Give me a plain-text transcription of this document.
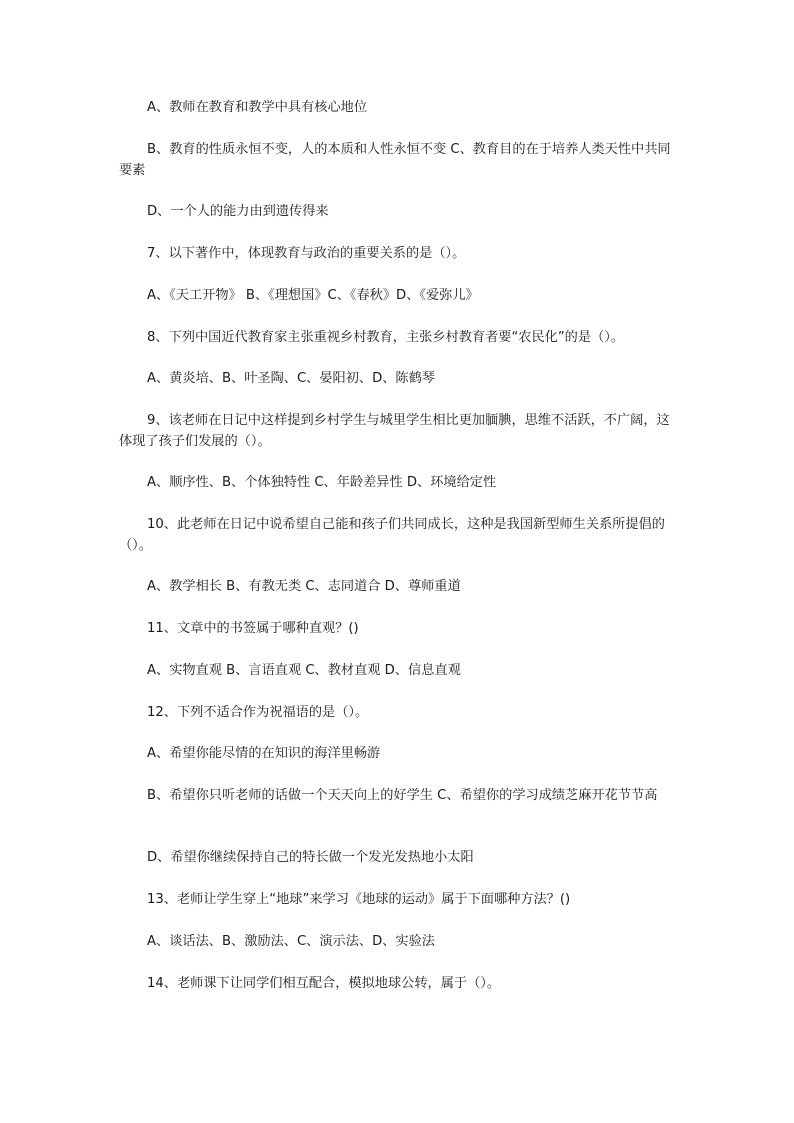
A、教师在教育和教学中具有核心地位

B、教育的性质永恒不变，人的本质和人性永恒不变 C、教育目的在于培养人类天性中共同要素

D、一个人的能力由到遗传得来

7、以下著作中，体现教育与政治的重要关系的是（）。

A、《天工开物》 B、《理想国》C、《春秋》D、《爱弥儿》

8、下列中国近代教育家主张重视乡村教育，主张乡村教育者要“农民化”的是（）。

A、黄炎培、B、叶圣陶、C、晏阳初、D、陈鹤琴

9、该老师在日记中这样提到乡村学生与城里学生相比更加腼腆，思维不活跃，不广阔，这体现了孩子们发展的（）。

A、顺序性、B、个体独特性 C、年龄差异性 D、环境给定性

10、此老师在日记中说希望自己能和孩子们共同成长，这种是我国新型师生关系所提倡的（）。

A、教学相长 B、有教无类 C、志同道合 D、尊师重道

11、文章中的书签属于哪种直观？()

A、实物直观 B、言语直观 C、教材直观 D、信息直观

12、下列不适合作为祝福语的是（）。

A、希望你能尽情的在知识的海洋里畅游

B、希望你只听老师的话做一个天天向上的好学生 C、希望你的学习成绩芝麻开花节节高

D、希望你继续保持自己的特长做一个发光发热地小太阳

13、老师让学生穿上“地球”来学习《地球的运动》属于下面哪种方法？()

A、谈话法、B、激励法、C、演示法、D、实验法

14、老师课下让同学们相互配合，模拟地球公转，属于（）。
